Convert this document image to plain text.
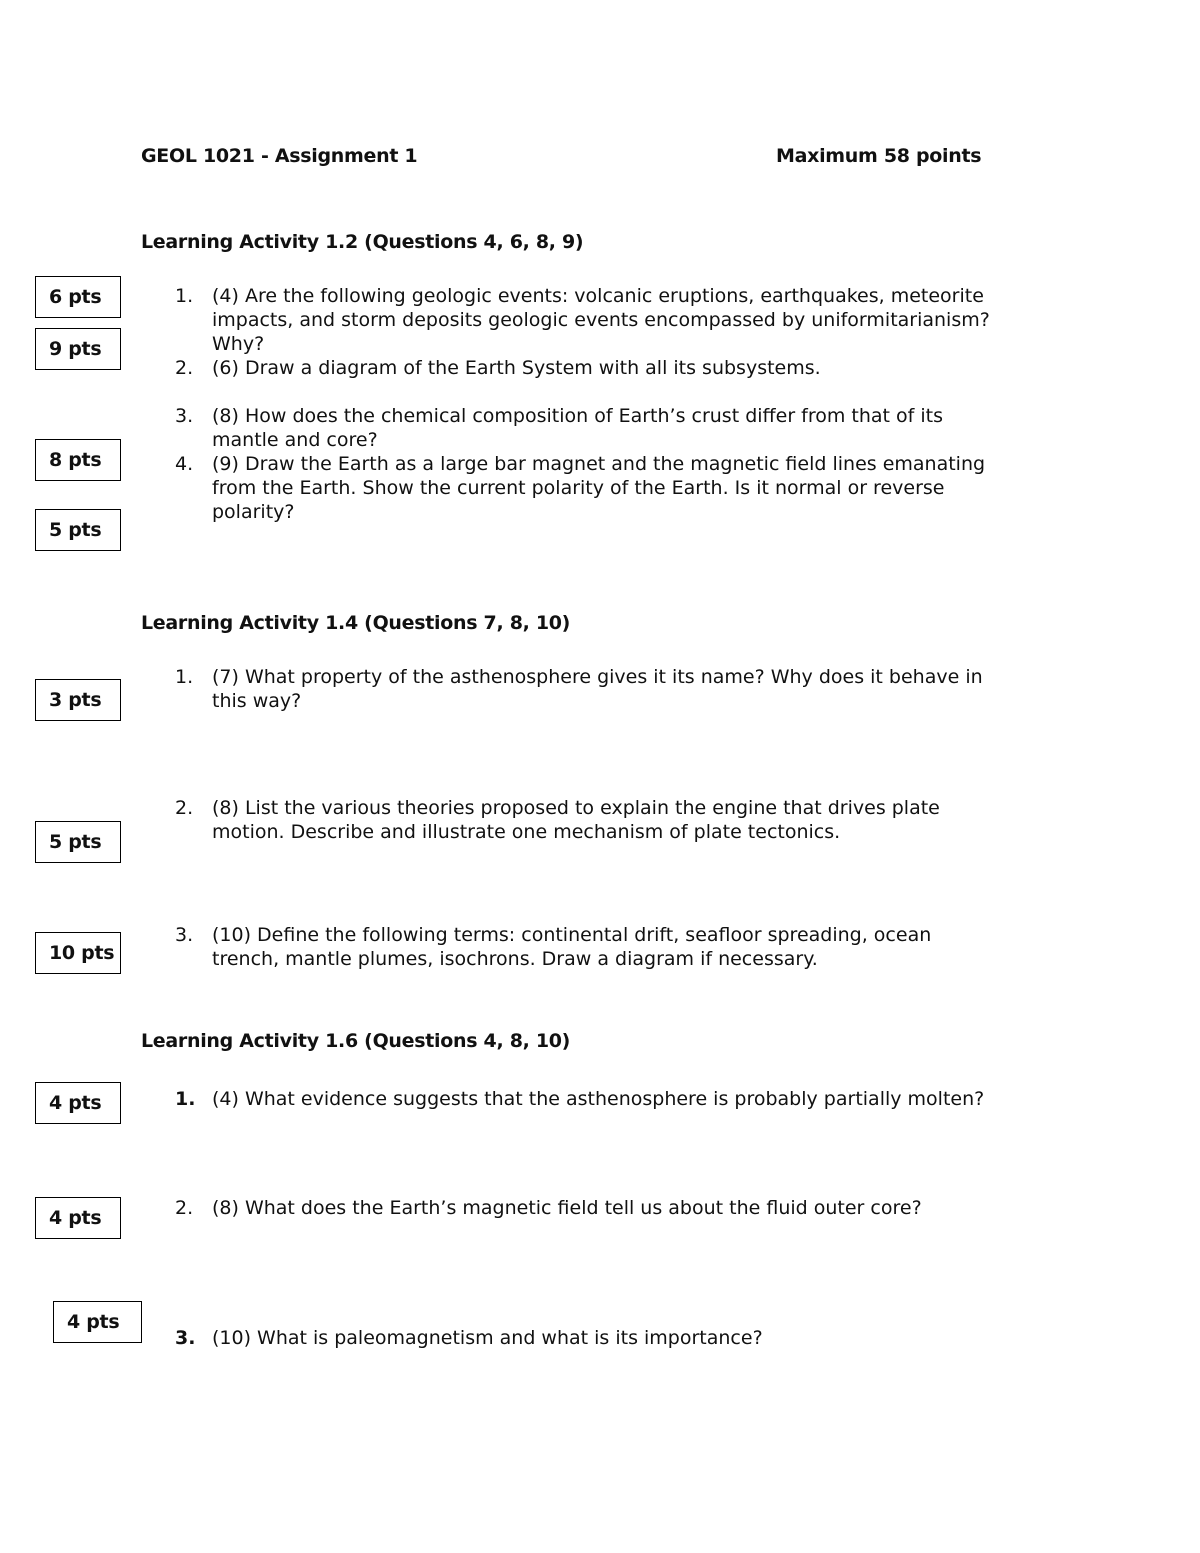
GEOL 1021 - Assignment 1	Maximum 58 points
Learning Activity 1.2 (Questions 4, 6, 8, 9)
6 pts
9 pts
8 pts
5 pts
1. (4) Are the following geologic events: volcanic eruptions, earthquakes, meteorite
impacts, and storm deposits geologic events encompassed by uniformitarianism?
Why?
2. (6) Draw a diagram of the Earth System with all its subsystems.
3. (8) How does the chemical composition of Earth’s crust differ from that of its
mantle and core?
4. (9) Draw the Earth as a large bar magnet and the magnetic field lines emanating
from the Earth. Show the current polarity of the Earth. Is it normal or reverse
polarity?
Learning Activity 1.4 (Questions 7, 8, 10)
3 pts
5 pts
10 pts
1. (7) What property of the asthenosphere gives it its name? Why does it behave in
this way?
2. (8) List the various theories proposed to explain the engine that drives plate
motion. Describe and illustrate one mechanism of plate tectonics.
3. (10) Define the following terms: continental drift, seafloor spreading, ocean
trench, mantle plumes, isochrons. Draw a diagram if necessary.
Learning Activity 1.6 (Questions 4, 8, 10)
4 pts
4 pts
4 pts
1. (4) What evidence suggests that the asthenosphere is probably partially molten?
2. (8) What does the Earth’s magnetic field tell us about the fluid outer core?
3. (10) What is paleomagnetism and what is its importance?
